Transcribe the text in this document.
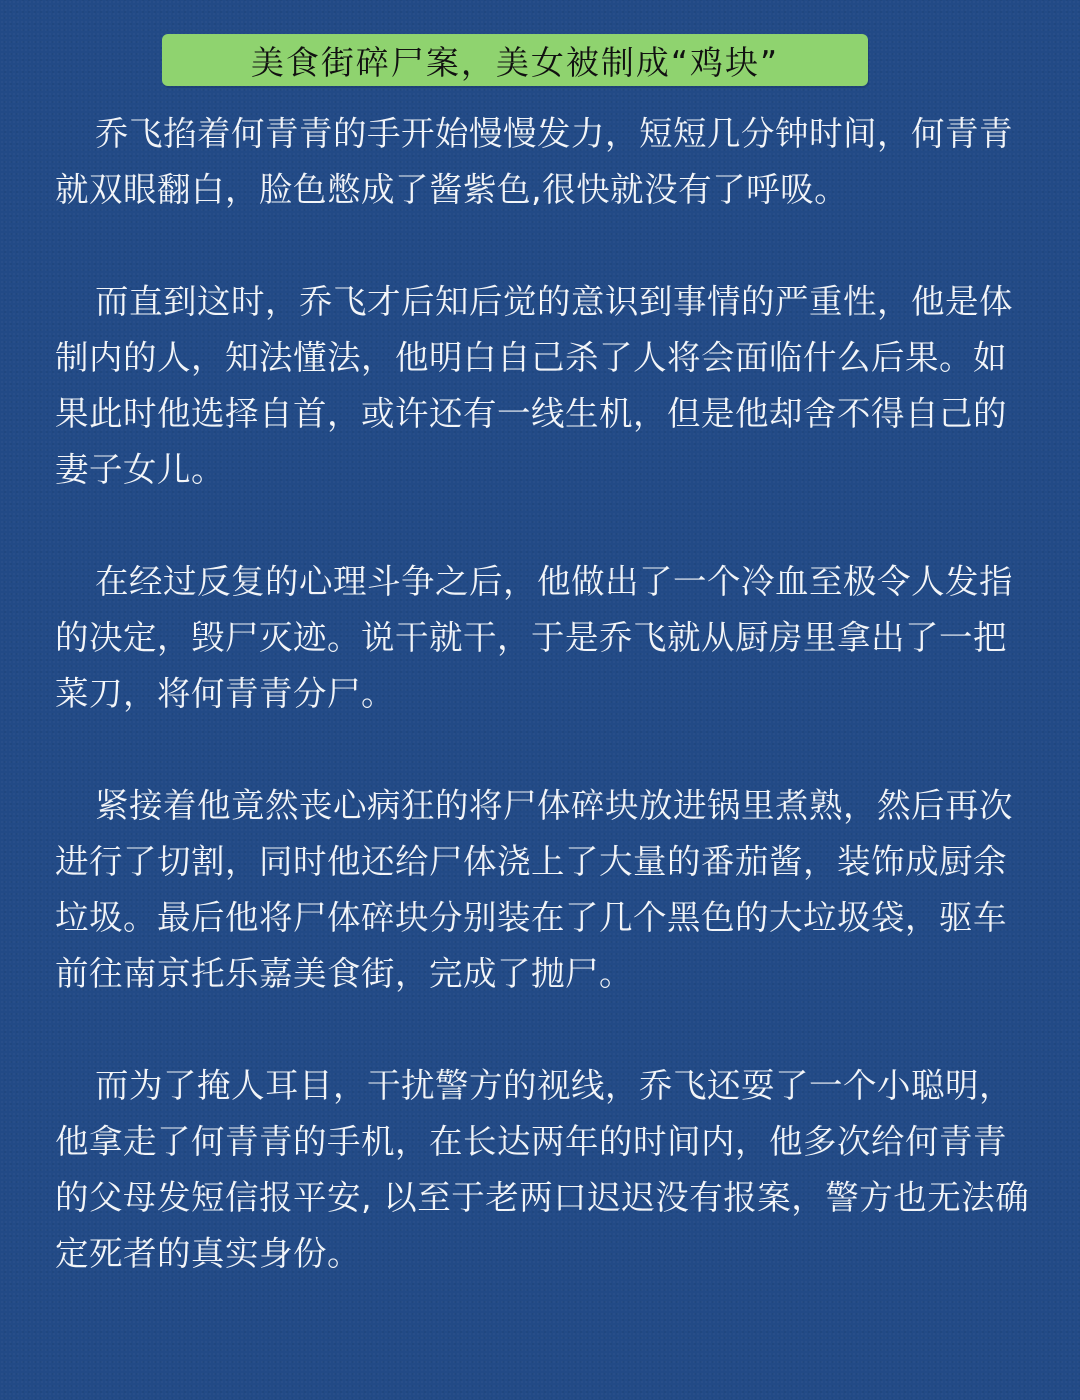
美食街碎尸案，美女被制成“鸡块”

乔飞掐着何青青的手开始慢慢发力，短短几分钟时间，何青青就双眼翻白，脸色憋成了酱紫色,很快就没有了呼吸。

而直到这时，乔飞才后知后觉的意识到事情的严重性，他是体制内的人，知法懂法，他明白自己杀了人将会面临什么后果。如果此时他选择自首，或许还有一线生机，但是他却舍不得自己的妻子女儿。

在经过反复的心理斗争之后，他做出了一个冷血至极令人发指的决定，毁尸灭迹。说干就干，于是乔飞就从厨房里拿出了一把菜刀，将何青青分尸。

紧接着他竟然丧心病狂的将尸体碎块放进锅里煮熟，然后再次进行了切割，同时他还给尸体浇上了大量的番茄酱，装饰成厨余垃圾。最后他将尸体碎块分别装在了几个黑色的大垃圾袋，驱车前往南京托乐嘉美食街，完成了抛尸。

而为了掩人耳目，干扰警方的视线，乔飞还耍了一个小聪明，他拿走了何青青的手机，在长达两年的时间内，他多次给何青青的父母发短信报平安, 以至于老两口迟迟没有报案，警方也无法确定死者的真实身份。
